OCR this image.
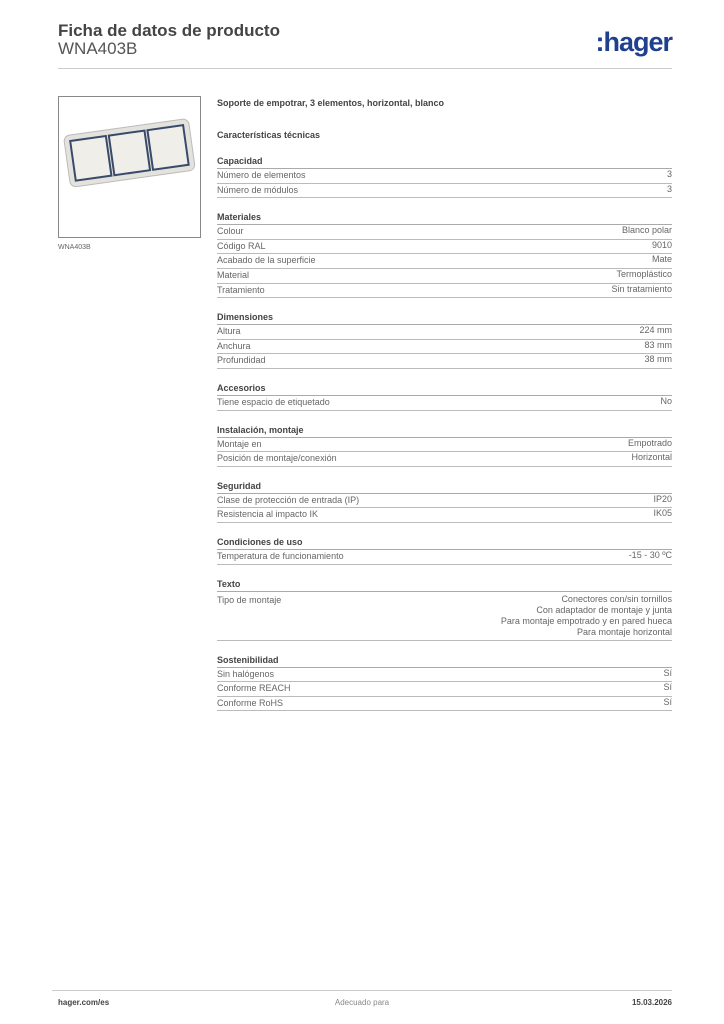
Ficha de datos de producto
WNA403B	:hager
WNA403B
Soporte de empotrar, 3 elementos, horizontal, blanco
Características técnicas
Capacidad
Número de elementos	3
Número de módulos	3
Materiales
Colour	Blanco polar
Código RAL	9010
Acabado de la superficie	Mate
Material	Termoplástico
Tratamiento	Sin tratamiento
Dimensiones
Altura	224 mm
Anchura	83 mm
Profundidad	38 mm
Accesorios
Tiene espacio de etiquetado	No
Instalación, montaje
Montaje en	Empotrado
Posición de montaje/conexión	Horizontal
Seguridad
Clase de protección de entrada (IP)	IP20
Resistencia al impacto IK	IK05
Condiciones de uso
Temperatura de funcionamiento	-15 - 30 ºC
Texto
Tipo de montaje	Conectores con/sin tornillos
Con adaptador de montaje y junta
Para montaje empotrado y en pared hueca
Para montaje horizontal
Sostenibilidad
Sin halógenos	Sí
Conforme REACH	Sí
Conforme RoHS	Sí
hager.com/es	Adecuado para	15.03.2026
